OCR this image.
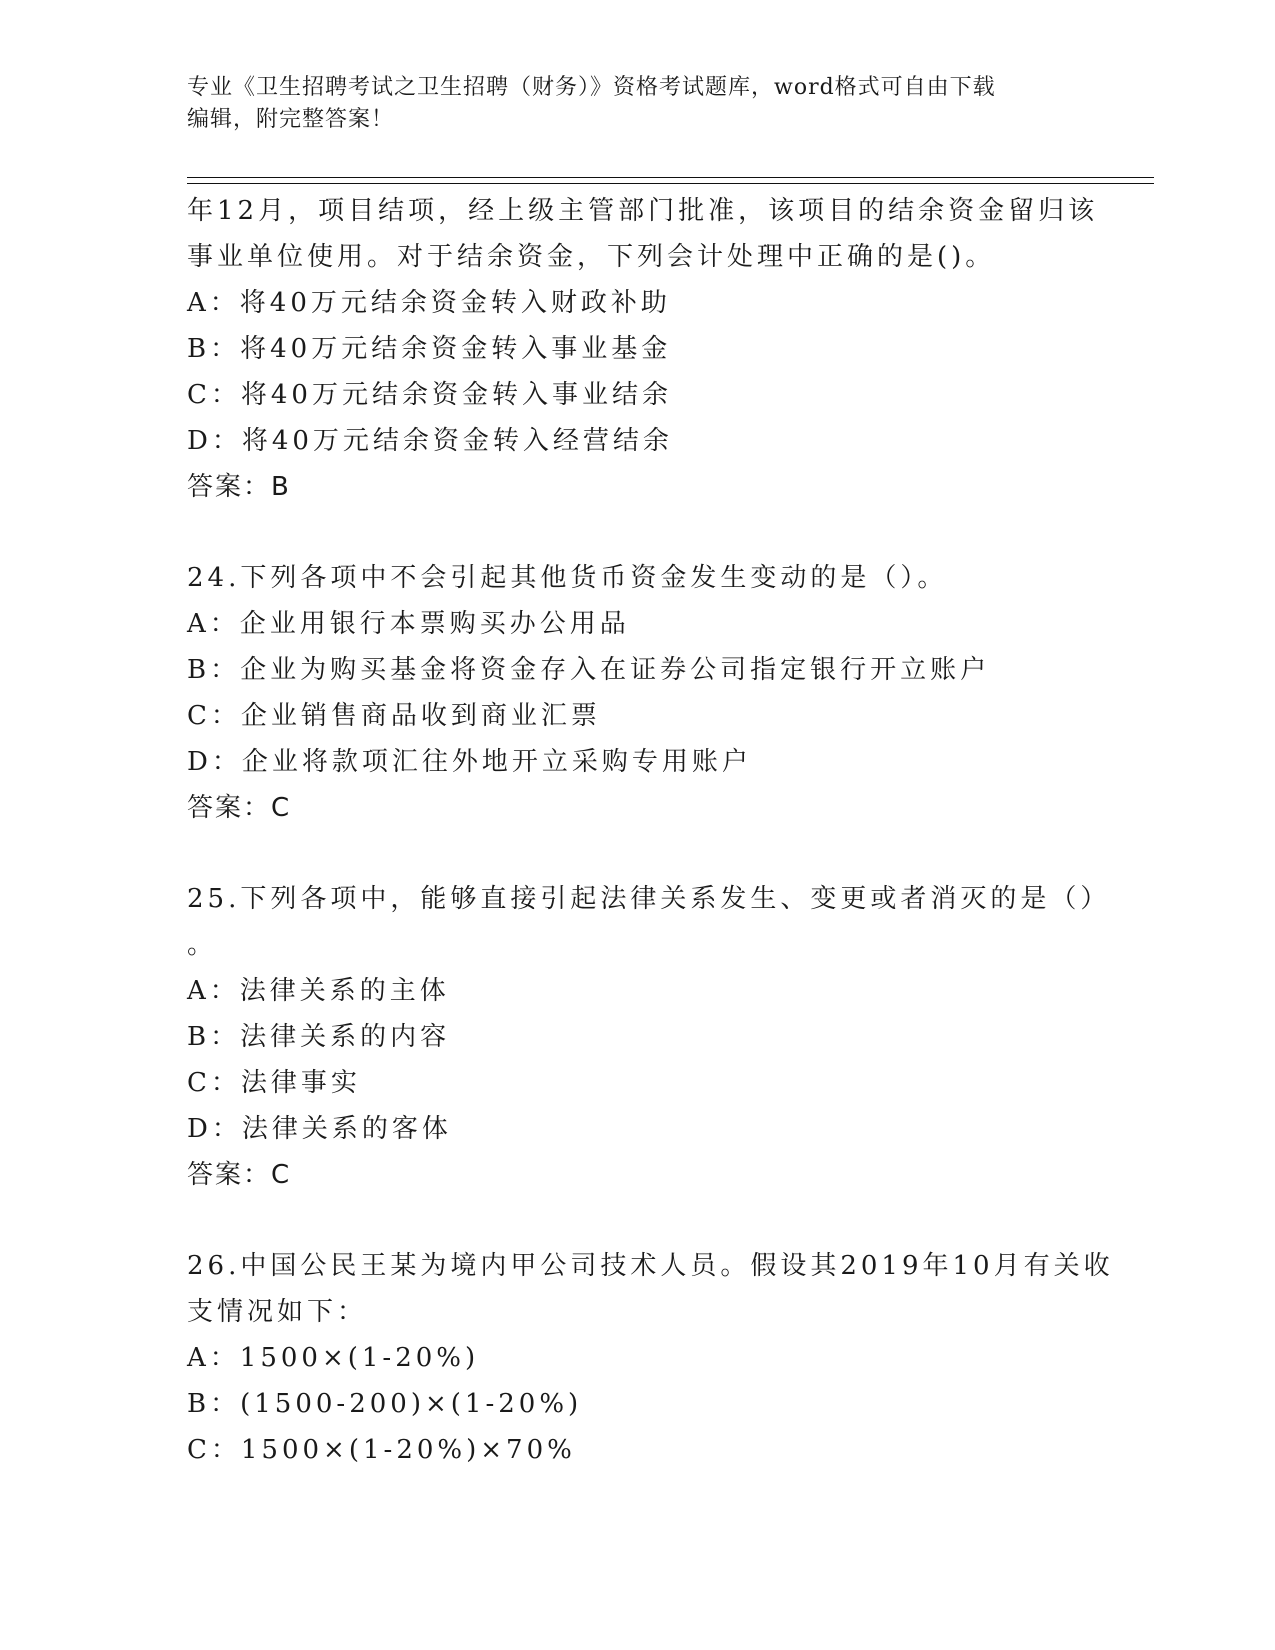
专业《卫生招聘考试之卫生招聘（财务）》资格考试题库，word格式可自由下载
编辑，附完整答案！
年12月，项目结项，经上级主管部门批准，该项目的结余资金留归该
事业单位使用。对于结余资金，下列会计处理中正确的是()。
A：将40万元结余资金转入财政补助
B：将40万元结余资金转入事业基金
C：将40万元结余资金转入事业结余
D：将40万元结余资金转入经营结余
答案：B
24.下列各项中不会引起其他货币资金发生变动的是（）。
A：企业用银行本票购买办公用品
B：企业为购买基金将资金存入在证券公司指定银行开立账户
C：企业销售商品收到商业汇票
D：企业将款项汇往外地开立采购专用账户
答案：C
25.下列各项中，能够直接引起法律关系发生、变更或者消灭的是（）
。
A：法律关系的主体
B：法律关系的内容
C：法律事实
D：法律关系的客体
答案：C
26.中国公民王某为境内甲公司技术人员。假设其2019年10月有关收
支情况如下：
A：1500×(1-20%)
B：(1500-200)×(1-20%)
C：1500×(1-20%)×70%
